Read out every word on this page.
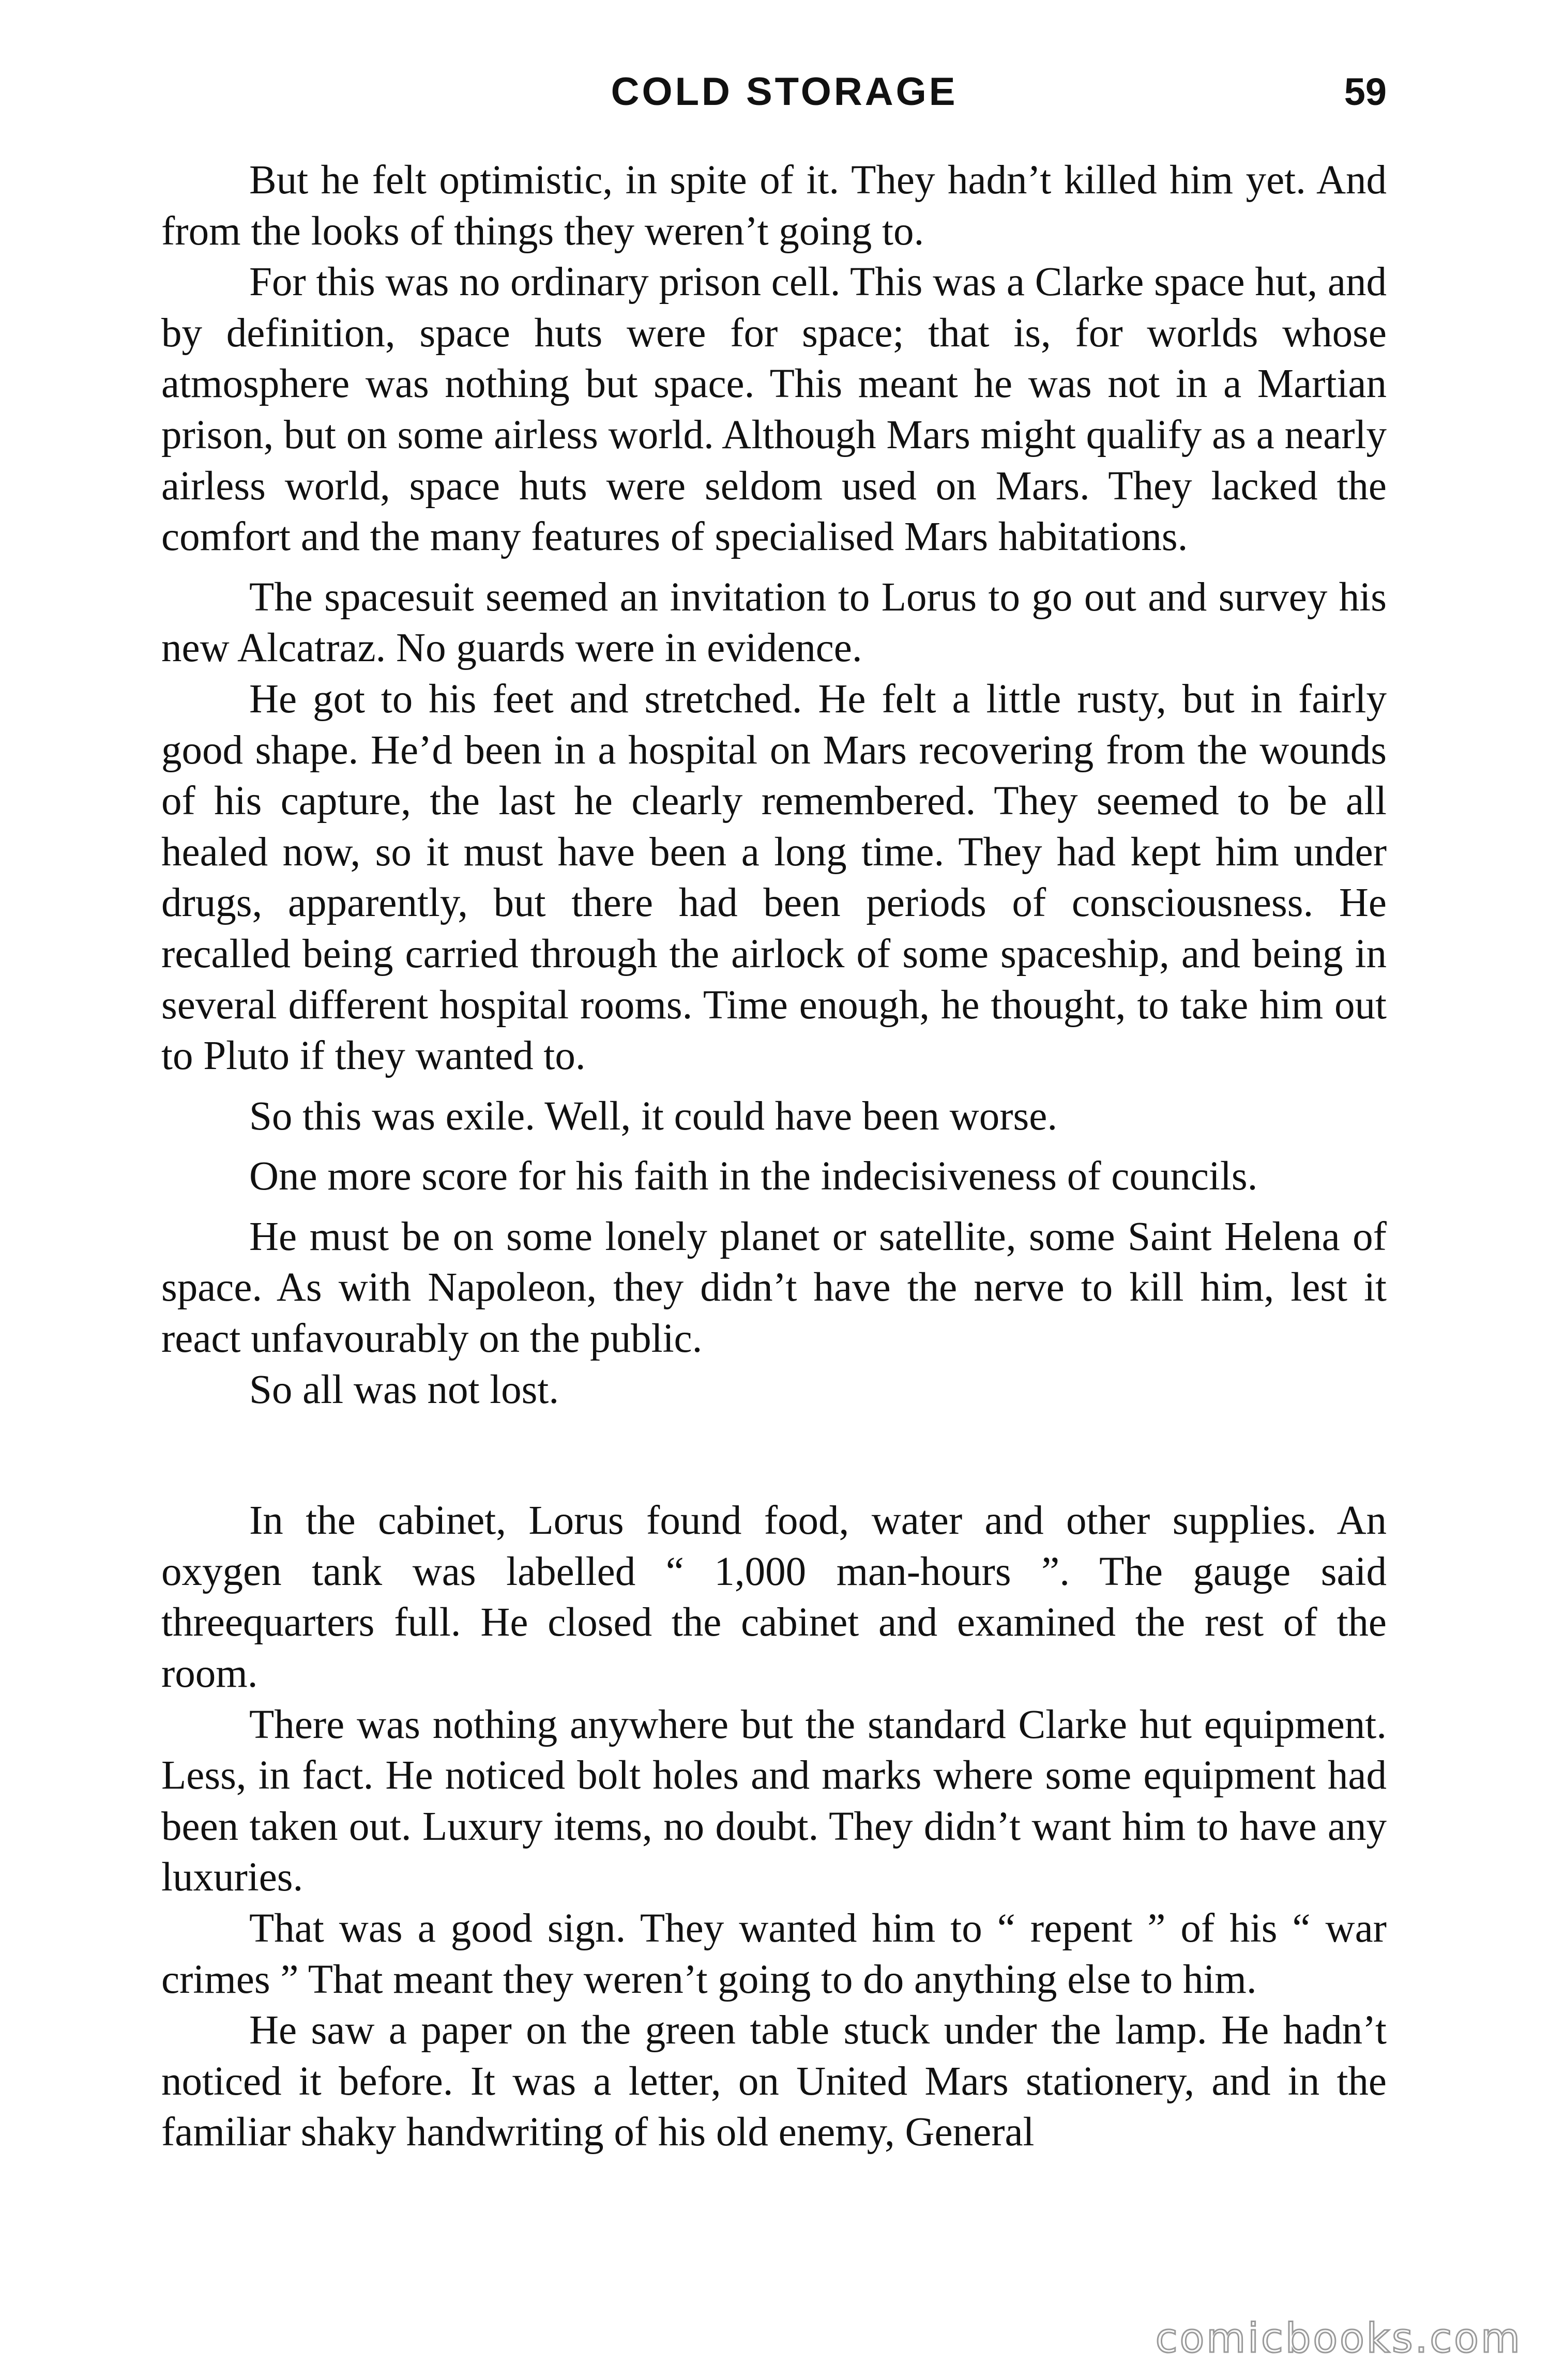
COLD STORAGE	59

But he felt optimistic, in spite of it. They hadn’t killed him yet. And from the looks of things they weren’t going to.

For this was no ordinary prison cell. This was a Clarke space hut, and by definition, space huts were for space; that is, for worlds whose atmosphere was nothing but space. This meant he was not in a Martian prison, but on some airless world. Although Mars might qualify as a nearly airless world, space huts were seldom used on Mars. They lacked the comfort and the many features of specialised Mars habitations.

The spacesuit seemed an invitation to Lorus to go out and survey his new Alcatraz. No guards were in evidence.

He got to his feet and stretched. He felt a little rusty, but in fairly good shape. He’d been in a hospital on Mars recovering from the wounds of his capture, the last he clearly remembered. They seemed to be all healed now, so it must have been a long time. They had kept him under drugs, apparently, but there had been periods of consciousness. He recalled being carried through the airlock of some spaceship, and being in several different hospital rooms. Time enough, he thought, to take him out to Pluto if they wanted to.

So this was exile. Well, it could have been worse.

One more score for his faith in the indecisiveness of councils.

He must be on some lonely planet or satellite, some Saint Helena of space. As with Napoleon, they didn’t have the nerve to kill him, lest it react unfavourably on the public.

So all was not lost.

In the cabinet, Lorus found food, water and other supplies. An oxygen tank was labelled “ 1,000 man-hours ”. The gauge said threequarters full. He closed the cabinet and examined the rest of the room.

There was nothing anywhere but the standard Clarke hut equipment. Less, in fact. He noticed bolt holes and marks where some equipment had been taken out. Luxury items, no doubt. They didn’t want him to have any luxuries.

That was a good sign. They wanted him to “ repent ” of his “ war crimes ” That meant they weren’t going to do anything else to him.

He saw a paper on the green table stuck under the lamp. He hadn’t noticed it before. It was a letter, on United Mars stationery, and in the familiar shaky handwriting of his old enemy, General

comicbooks.com
